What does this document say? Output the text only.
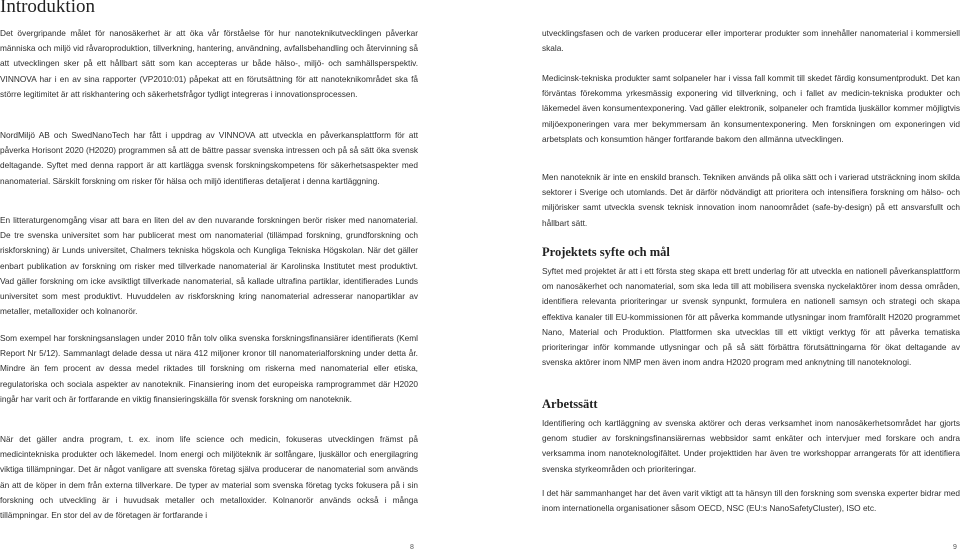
Introduktion

Det övergripande målet för nanosäkerhet är att öka vår förståelse för hur nanoteknikutvecklingen påverkar människa och miljö vid råvaroproduktion, tillverkning, hantering, användning, avfallsbehandling och återvinning så att utvecklingen sker på ett hållbart sätt som kan accepteras ur både hälso-, miljö- och samhällsperspektiv. VINNOVA har i en av sina rapporter (VP2010:01) påpekat att en förutsättning för att nanoteknikområdet ska få större legitimitet är att riskhantering och säkerhetsfrågor tydligt integreras i innovationsprocessen.

NordMiljö AB och SwedNanoTech har fått i uppdrag av VINNOVA att utveckla en påverkansplattform för att påverka Horisont 2020 (H2020) programmen så att de bättre passar svenska intressen och på så sätt öka svensk deltagande. Syftet med denna rapport är att kartlägga svensk forskningskompetens för säkerhetsaspekter med nanomaterial. Särskilt forskning om risker för hälsa och miljö identifieras detaljerat i denna kartläggning.

En litteraturgenomgång visar att bara en liten del av den nuvarande forskningen berör risker med nanomaterial. De tre svenska universitet som har publicerat mest om nanomaterial (tillämpad forskning, grundforskning och riskforskning) är Lunds universitet, Chalmers tekniska högskola och Kungliga Tekniska Högskolan. När det gäller enbart publikation av forskning om risker med tillverkade nanomaterial är Karolinska Institutet mest produktivt. Vad gäller forskning om icke avsiktligt tillverkade nanomaterial, så kallade ultrafina partiklar, identifierades Lunds universitet som mest produktivt. Huvuddelen av riskforskning kring nanomaterial adresserar nanopartiklar av metaller, metalloxider och kolnanorör.

Som exempel har forskningsanslagen under 2010 från tolv olika svenska forskningsfinansiärer identifierats (Keml Report Nr 5/12). Sammanlagt delade dessa ut nära 412 miljoner kronor till nanomaterialforskning under detta år. Mindre än fem procent av dessa medel riktades till forskning om riskerna med nanomaterial eller etiska, regulatoriska och sociala aspekter av nanoteknik. Finansiering inom det europeiska ramprogrammet där H2020 ingår har varit och är fortfarande en viktig finansieringskälla för svensk forskning om nanoteknik.

När det gäller andra program, t. ex. inom life science och medicin, fokuseras utvecklingen främst på medicintekniska produkter och läkemedel. Inom energi och miljöteknik är solfångare, ljuskällor och energilagring viktiga tillämpningar. Det är något vanligare att svenska företag själva producerar de nanomaterial som används än att de köper in dem från externa tillverkare. De typer av material som svenska företag tycks fokusera på i sin forskning och utveckling är i huvudsak metaller och metalloxider. Kolnanorör används också i många tillämpningar. En stor del av de företagen är fortfarande i

8

utvecklingsfasen och de varken producerar eller importerar produkter som innehåller nanomaterial i kommersiell skala.

Medicinsk-tekniska produkter samt solpaneler har i vissa fall kommit till skedet färdig konsumentprodukt. Det kan förväntas förekomma yrkesmässig exponering vid tillverkning, och i fallet av medicin-tekniska produkter och läkemedel även konsumentexponering. Vad gäller elektronik, solpaneler och framtida ljuskällor kommer möjligtvis miljöexponeringen vara mer bekymmersam än konsumentexponering. Men forskningen om exponeringen vid arbetsplats och konsumtion hänger fortfarande bakom den allmänna utvecklingen.

Men nanoteknik är inte en enskild bransch. Tekniken används på olika sätt och i varierad utsträckning inom skilda sektorer i Sverige och utomlands. Det är därför nödvändigt att prioritera och intensifiera forskning om hälso- och miljörisker samt utveckla svensk teknisk innovation inom nanoområdet (safe-by-design) på ett ansvarsfullt och hållbart sätt.

Projektets syfte och mål

Syftet med projektet är att i ett första steg skapa ett brett underlag för att utveckla en nationell påverkansplattform om nanosäkerhet och nanomaterial, som ska leda till att mobilisera svenska nyckelaktörer inom dessa områden, identifiera relevanta prioriteringar ur svensk synpunkt, formulera en nationell samsyn och strategi och skapa effektiva kanaler till EU-kommissionen för att påverka kommande utlysningar inom framförallt H2020 programmet Nano, Material och Produktion. Plattformen ska utvecklas till ett viktigt verktyg för att påverka tematiska prioriteringar inför kommande utlysningar och på så sätt förbättra förutsättningarna för ökat deltagande av svenska aktörer inom NMP men även inom andra H2020 program med anknytning till nanoteknologi.

Arbetssätt

Identifiering och kartläggning av svenska aktörer och deras verksamhet inom nanosäkerhetsområdet har gjorts genom studier av forskningsfinansiärernas webbsidor samt enkäter och intervjuer med forskare och andra verksamma inom nanoteknologifältet. Under projekttiden har även tre workshoppar arrangerats för att identifiera svenska styrkeområden och prioriteringar.

I det här sammanhanget har det även varit viktigt att ta hänsyn till den forskning som svenska experter bidrar med inom internationella organisationer såsom OECD, NSC (EU:s NanoSafetyCluster), ISO etc.

9
